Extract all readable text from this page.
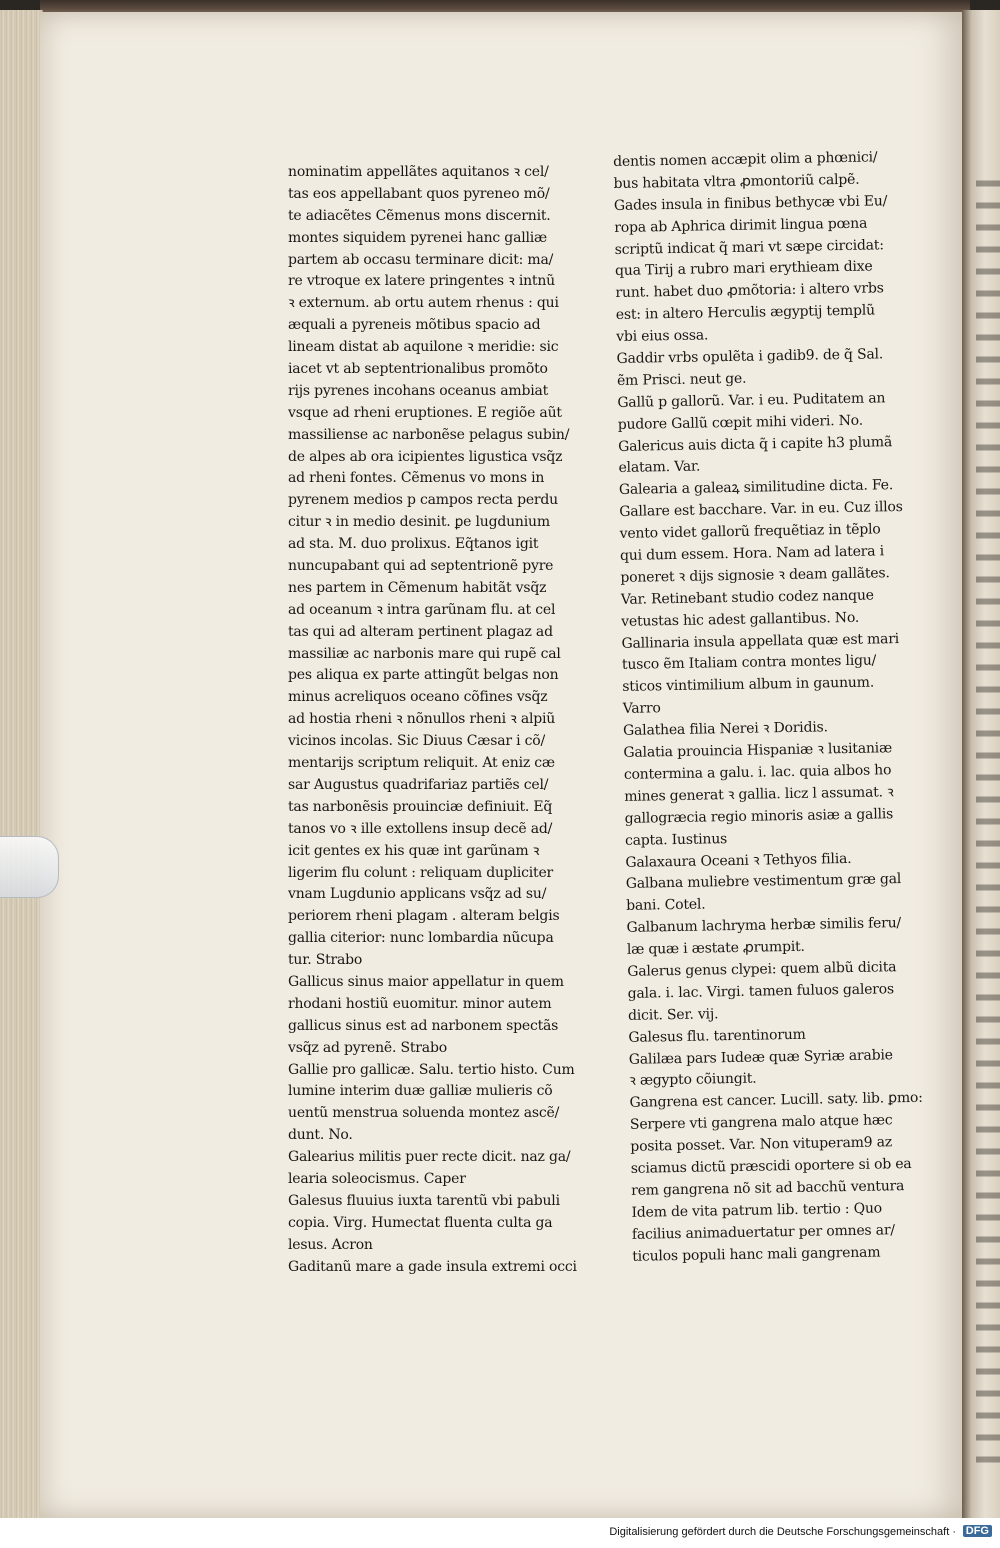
nominatim appellãtes aquitanos ꝛ cel/
tas eos appellabant quos pyreneo mõ/
te adiacẽtes Cẽmenus mons discernit.
montes siquidem pyrenei hanc galliæ
partem ab occasu terminare dicit: ma/
re vtroque ex latere pringentes ꝛ intnũ
ꝛ externum. ab ortu autem rhenus : qui
æquali a pyreneis mõtibus spacio ad
lineam distat ab aquilone ꝛ meridie: sic
iacet vt ab septentrionalibus promõto
rijs pyrenes incohans oceanus ambiat
vsque ad rheni eruptiones. E regiõe aũt
massiliense ac narbonẽse pelagus subin/
de alpes ab ora icipientes ligustica vsq̃z
ad rheni fontes. Cẽmenus vo mons in
pyrenem medios p campos recta perdu
citur ꝛ in medio desinit. ꝑe lugdunium
ad sta. M. duo prolixus. Eq̃tanos igit
nuncupabant qui ad septentrionẽ pyre
nes partem in Cẽmenum habitãt vsq̃z
ad oceanum ꝛ intra garũnam flu. at cel
tas qui ad alteram pertinent plagaz ad
massiliæ ac narbonis mare qui rupẽ cal
pes aliqua ex parte attingũt belgas non
minus acreliquos oceano cõfines vsq̃z
ad hostia rheni ꝛ nõnullos rheni ꝛ alpiũ
vicinos incolas. Sic Diuus Cæsar i cõ/
mentarijs scriptum reliquit. At eniz cæ
sar Augustus quadrifariaz partiẽs cel/
tas narbonẽsis prouinciæ definiuit. Eq̃
tanos vo ꝛ ille extollens insup decẽ ad/
icit gentes ex his quæ int garũnam ꝛ
ligerim flu colunt : reliquam dupliciter
vnam Lugdunio applicans vsq̃z ad su/
periorem rheni plagam . alteram belgis
gallia citerior: nunc lombardia nũcupa
tur. Strabo
Gallicus sinus maior appellatur in quem
rhodani hostiũ euomitur. minor autem
gallicus sinus est ad narbonem spectãs
vsq̃z ad pyrenẽ. Strabo
Gallie pro gallicæ. Salu. tertio histo. Cum
lumine interim duæ galliæ mulieris cõ
uentũ menstrua soluenda montez ascẽ/
dunt. No.
Galearius militis puer recte dicit. naz ga/
learia soleocismus. Caper
Galesus fluuius iuxta tarentũ vbi pabuli
copia. Virg. Humectat fluenta culta ga
lesus. Acron
Gaditanũ mare a gade insula extremi occi
dentis nomen accæpit olim a phœnici/
bus habitata vltra ꝓmontoriũ calpẽ.
Gades insula in finibus bethycæ vbi Eu/
ropa ab Aphrica dirimit lingua pœna
scriptũ indicat q̃ mari vt sæpe circidat:
qua Tirij a rubro mari erythieam dixe
runt. habet duo ꝓmõtoria: i altero vrbs
est: in altero Herculis ægyptij templũ
vbi eius ossa.
Gaddir vrbs opulẽta i gadib9. de q̃ Sal.
ẽm Prisci. neut ge.
Gallũ p gallorũ. Var. i eu. Puditatem an
pudore Gallũ cœpit mihi videri. No.
Galericus auis dicta q̃ i capite h3 plumã
elatam. Var.
Galearia a galeaꝝ similitudine dicta. Fe.
Gallare est bacchare. Var. in eu. Cuz illos
vento videt gallorũ frequẽtiaz in tẽplo
qui dum essem. Hora. Nam ad latera i
poneret ꝛ dijs signosie ꝛ deam gallãtes.
Var. Retinebant studio codez nanque
vetustas hic adest gallantibus. No.
Gallinaria insula appellata quæ est mari
tusco ẽm Italiam contra montes ligu/
sticos vintimilium album in gaunum.
Varro
Galathea filia Nerei ꝛ Doridis.
Galatia prouincia Hispaniæ ꝛ lusitaniæ
contermina a galu. i. lac. quia albos ho
mines generat ꝛ gallia. licz l assumat. ꝛ
gallogræcia regio minoris asiæ a gallis
capta. Iustinus
Galaxaura Oceani ꝛ Tethyos filia.
Galbana muliebre vestimentum græ gal
bani. Cotel.
Galbanum lachryma herbæ similis feru/
læ quæ i æstate ꝓrumpit.
Galerus genus clypei: quem albũ dicita
gala. i. lac. Virgi. tamen fuluos galeros
dicit. Ser. vij.
Galesus flu. tarentinorum
Galilæa pars Iudeæ quæ Syriæ arabie
ꝛ ægypto cõiungit.
Gangrena est cancer. Lucill. saty. lib. ꝑmo:
Serpere vti gangrena malo atque hæc
posita posset. Var. Non vituperam9 az
sciamus dictũ præscidi oportere si ob ea
rem gangrena nõ sit ad bacchũ ventura
Idem de vita patrum lib. tertio : Quo
facilius animaduertatur per omnes ar/
ticulos populi hanc mali gangrenam
Digitalisierung gefördert durch die Deutsche Forschungsgemeinschaft · DFG
